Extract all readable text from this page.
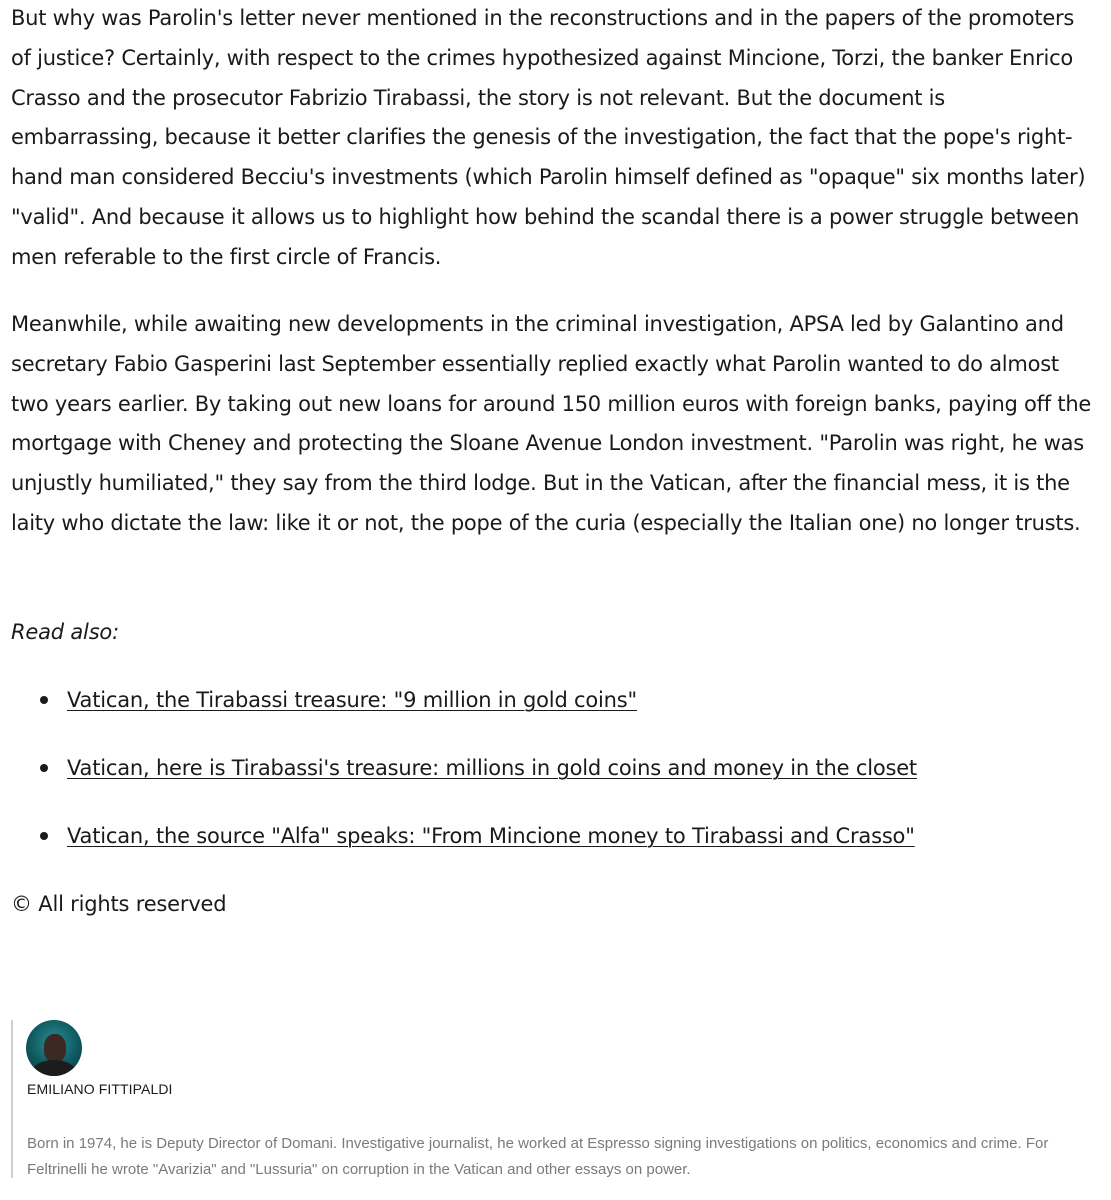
But why was Parolin's letter never mentioned in the reconstructions and in the papers of the promoters of justice? Certainly, with respect to the crimes hypothesized against Mincione, Torzi, the banker Enrico Crasso and the prosecutor Fabrizio Tirabassi, the story is not relevant. But the document is embarrassing, because it better clarifies the genesis of the investigation, the fact that the pope's right-hand man considered Becciu's investments (which Parolin himself defined as "opaque" six months later) "valid". And because it allows us to highlight how behind the scandal there is a power struggle between men referable to the first circle of Francis.

Meanwhile, while awaiting new developments in the criminal investigation, APSA led by Galantino and secretary Fabio Gasperini last September essentially replied exactly what Parolin wanted to do almost two years earlier. By taking out new loans for around 150 million euros with foreign banks, paying off the mortgage with Cheney and protecting the Sloane Avenue London investment. "Parolin was right, he was unjustly humiliated," they say from the third lodge. But in the Vatican, after the financial mess, it is the laity who dictate the law: like it or not, the pope of the curia (especially the Italian one) no longer trusts.

Read also:
Vatican, the Tirabassi treasure: "9 million in gold coins"
Vatican, here is Tirabassi's treasure: millions in gold coins and money in the closet
Vatican, the source "Alfa" speaks: "From Mincione money to Tirabassi and Crasso"
© All rights reserved
EMILIANO FITTIPALDI

Born in 1974, he is Deputy Director of Domani. Investigative journalist, he worked at Espresso signing investigations on politics, economics and crime. For Feltrinelli he wrote "Avarizia" and "Lussuria" on corruption in the Vatican and other essays on power.
